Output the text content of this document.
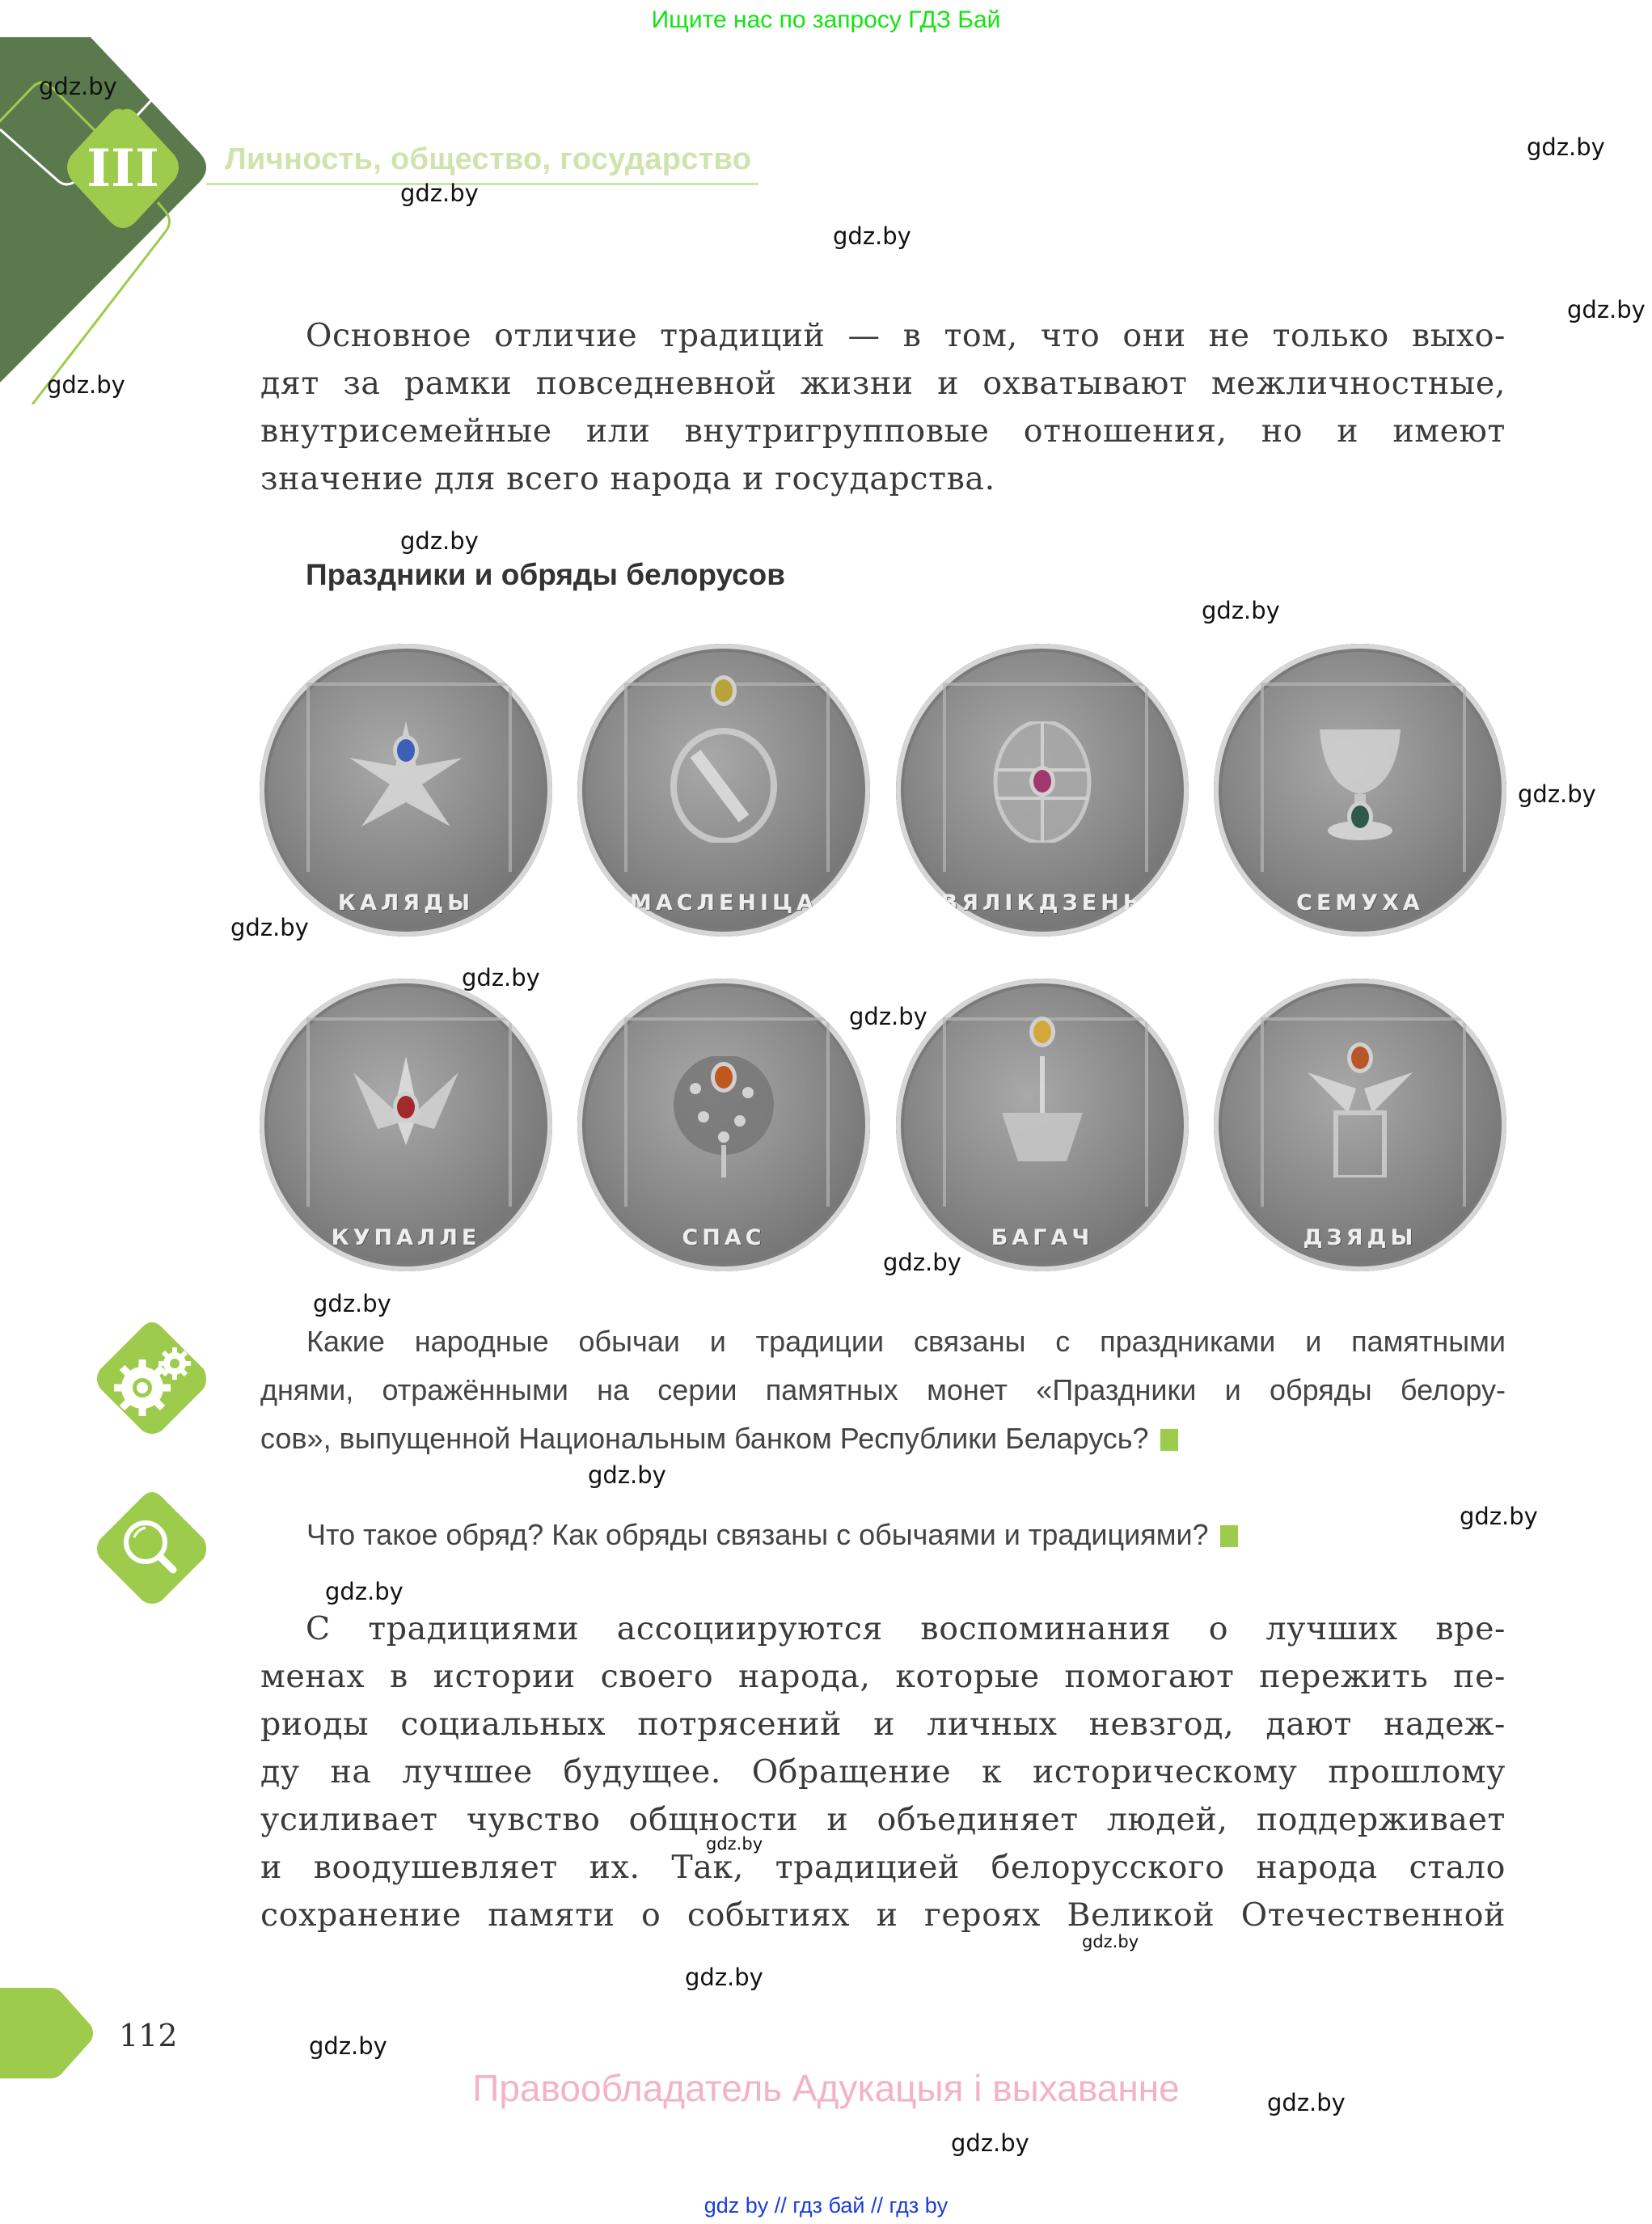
Ищите нас по запросу ГДЗ Бай
III Личность, общество, государство

Основное отличие традиций — в том, что они не только выхо-

дят за рамки повседневной жизни и охватывают межличностные,

внутрисемейные или внутригрупповые отношения, но и имеют

значение для всего народа и государства.

Праздники и обряды белорусов
КАЛЯДЫ	МАСЛЕНІЦА	ВЯЛІКДЗЕНЬ	СЕМУХА
КУПАЛЛЕ	СПАС	БАГАЧ	ДЗЯДЫ

Какие народные обычаи и традиции связаны с праздниками и памятными

днями, отражёнными на серии памятных монет «Праздники и обряды белору-

сов», выпущенной Национальным банком Республики Беларусь?

Что такое обряд? Как обряды связаны с обычаями и традициями?

С традициями ассоциируются воспоминания о лучших вре-

менах в истории своего народа, которые помогают пережить пе-

риоды социальных потрясений и личных невзгод, дают надеж-

ду на лучшее будущее. Обращение к историческому прошлому

усиливает чувство общности и объединяет людей, поддерживает

и воодушевляет их. Так, традицией белорусского народа стало

сохранение памяти о событиях и героях Великой Отечественной

112
Правообладатель Адукацыя і выхаванне
gdz by // гдз бай // гдз by
gdz.by
gdz.by
gdz.by
gdz.by
gdz.by
gdz.by
gdz.by
gdz.by
gdz.by
gdz.by
gdz.by
gdz.by
gdz.by
gdz.by
gdz.by
gdz.by
gdz.by
gdz.by
gdz.by
gdz.by
gdz.by
gdz.by
gdz.by
